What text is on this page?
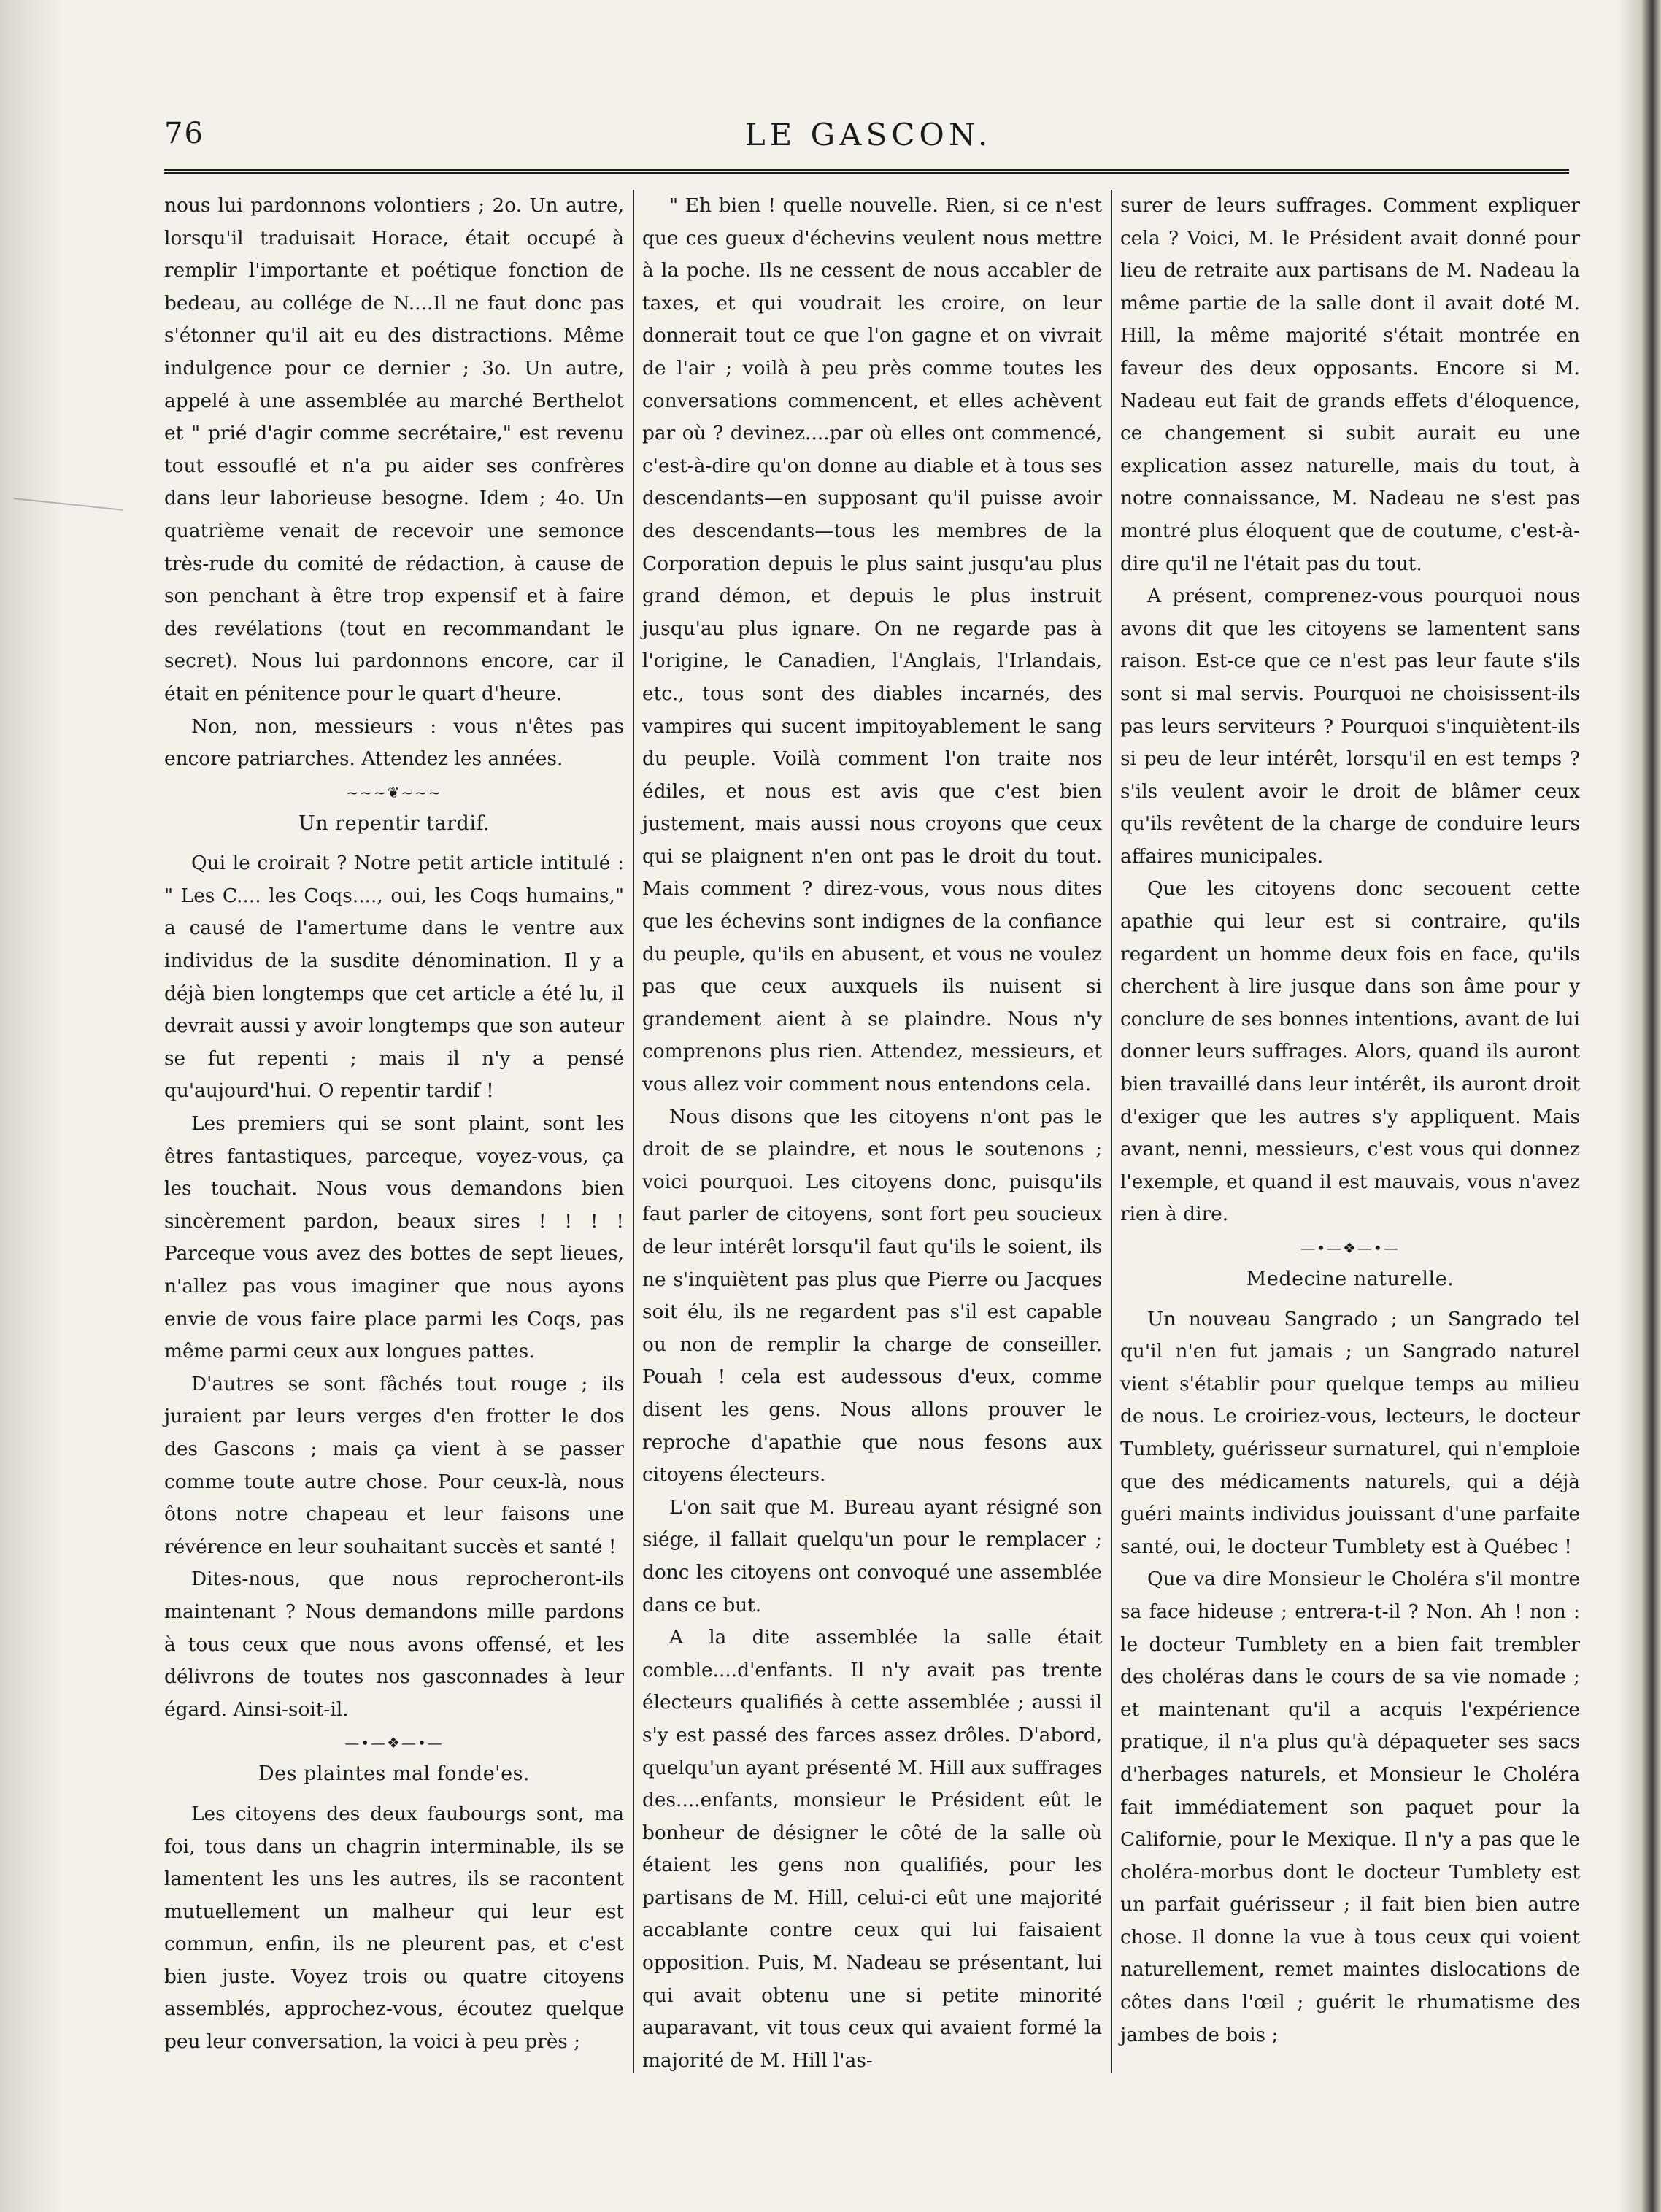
76	LE GASCON.

nous lui pardonnons volontiers ; 2o. Un autre, lorsqu'il traduisait Horace, était occupé à remplir l'importante et poétique fonction de bedeau, au collége de N....Il ne faut donc pas s'étonner qu'il ait eu des distractions. Même indulgence pour ce dernier ; 3o. Un autre, appelé à une assemblée au marché Berthelot et " prié d'agir comme secrétaire," est revenu tout essouflé et n'a pu aider ses confrères dans leur laborieuse besogne. Idem ; 4o. Un quatrième venait de recevoir une semonce très-rude du comité de rédaction, à cause de son penchant à être trop expensif et à faire des revélations (tout en recommandant le secret). Nous lui pardonnons encore, car il était en pénitence pour le quart d'heure.

Non, non, messieurs : vous n'êtes pas encore patriarches. Attendez les années.

~~~❦~~~
Un repentir tardif.

Qui le croirait ? Notre petit article intitulé : " Les C.... les Coqs...., oui, les Coqs humains," a causé de l'amertume dans le ventre aux individus de la susdite dénomination. Il y a déjà bien longtemps que cet article a été lu, il devrait aussi y avoir longtemps que son auteur se fut repenti ; mais il n'y a pensé qu'aujourd'hui. O repentir tardif !

Les premiers qui se sont plaint, sont les êtres fantastiques, parceque, voyez-vous, ça les touchait. Nous vous demandons bien sincèrement pardon, beaux sires ! ! ! ! Parceque vous avez des bottes de sept lieues, n'allez pas vous imaginer que nous ayons envie de vous faire place parmi les Coqs, pas même parmi ceux aux longues pattes.

D'autres se sont fâchés tout rouge ; ils juraient par leurs verges d'en frotter le dos des Gascons ; mais ça vient à se passer comme toute autre chose. Pour ceux-là, nous ôtons notre chapeau et leur faisons une révérence en leur souhaitant succès et santé !

Dites-nous, que nous reprocheront-ils maintenant ? Nous demandons mille pardons à tous ceux que nous avons offensé, et les délivrons de toutes nos gasconnades à leur égard. Ainsi-soit-il.

—•—❖—•—
Des plaintes mal fonde'es.

Les citoyens des deux faubourgs sont, ma foi, tous dans un chagrin interminable, ils se lamentent les uns les autres, ils se racontent mutuellement un malheur qui leur est commun, enfin, ils ne pleurent pas, et c'est bien juste. Voyez trois ou quatre citoyens assemblés, approchez-vous, écoutez quelque peu leur conversation, la voici à peu près ;

" Eh bien ! quelle nouvelle. Rien, si ce n'est que ces gueux d'échevins veulent nous mettre à la poche. Ils ne cessent de nous accabler de taxes, et qui voudrait les croire, on leur donnerait tout ce que l'on gagne et on vivrait de l'air ; voilà à peu près comme toutes les conversations commencent, et elles achèvent par où ? devinez....par où elles ont commencé, c'est-à-dire qu'on donne au diable et à tous ses descendants—en supposant qu'il puisse avoir des descendants—tous les membres de la Corporation depuis le plus saint jusqu'au plus grand démon, et depuis le plus instruit jusqu'au plus ignare. On ne regarde pas à l'origine, le Canadien, l'Anglais, l'Irlandais, etc., tous sont des diables incarnés, des vampires qui sucent impitoyablement le sang du peuple. Voilà comment l'on traite nos édiles, et nous est avis que c'est bien justement, mais aussi nous croyons que ceux qui se plaignent n'en ont pas le droit du tout. Mais comment ? direz-vous, vous nous dites que les échevins sont indignes de la confiance du peuple, qu'ils en abusent, et vous ne voulez pas que ceux auxquels ils nuisent si grandement aient à se plaindre. Nous n'y comprenons plus rien. Attendez, messieurs, et vous allez voir comment nous entendons cela.

Nous disons que les citoyens n'ont pas le droit de se plaindre, et nous le soutenons ; voici pourquoi. Les citoyens donc, puisqu'ils faut parler de citoyens, sont fort peu soucieux de leur intérêt lorsqu'il faut qu'ils le soient, ils ne s'inquiètent pas plus que Pierre ou Jacques soit élu, ils ne regardent pas s'il est capable ou non de remplir la charge de conseiller. Pouah ! cela est audessous d'eux, comme disent les gens. Nous allons prouver le reproche d'apathie que nous fesons aux citoyens électeurs.

L'on sait que M. Bureau ayant résigné son siége, il fallait quelqu'un pour le remplacer ; donc les citoyens ont convoqué une assemblée dans ce but.

A la dite assemblée la salle était comble....d'enfants. Il n'y avait pas trente électeurs qualifiés à cette assemblée ; aussi il s'y est passé des farces assez drôles. D'abord, quelqu'un ayant présenté M. Hill aux suffrages des....enfants, monsieur le Président eût le bonheur de désigner le côté de la salle où étaient les gens non qualifiés, pour les partisans de M. Hill, celui-ci eût une majorité accablante contre ceux qui lui faisaient opposition. Puis, M. Nadeau se présentant, lui qui avait obtenu une si petite minorité auparavant, vit tous ceux qui avaient formé la majorité de M. Hill l'as-

surer de leurs suffrages. Comment expliquer cela ? Voici, M. le Président avait donné pour lieu de retraite aux partisans de M. Nadeau la même partie de la salle dont il avait doté M. Hill, la même majorité s'était montrée en faveur des deux opposants. Encore si M. Nadeau eut fait de grands effets d'éloquence, ce changement si subit aurait eu une explication assez naturelle, mais du tout, à notre connaissance, M. Nadeau ne s'est pas montré plus éloquent que de coutume, c'est-à-dire qu'il ne l'était pas du tout.

A présent, comprenez-vous pourquoi nous avons dit que les citoyens se lamentent sans raison. Est-ce que ce n'est pas leur faute s'ils sont si mal servis. Pourquoi ne choisissent-ils pas leurs serviteurs ? Pourquoi s'inquiètent-ils si peu de leur intérêt, lorsqu'il en est temps ? s'ils veulent avoir le droit de blâmer ceux qu'ils revêtent de la charge de conduire leurs affaires municipales.

Que les citoyens donc secouent cette apathie qui leur est si contraire, qu'ils regardent un homme deux fois en face, qu'ils cherchent à lire jusque dans son âme pour y conclure de ses bonnes intentions, avant de lui donner leurs suffrages. Alors, quand ils auront bien travaillé dans leur intérêt, ils auront droit d'exiger que les autres s'y appliquent. Mais avant, nenni, messieurs, c'est vous qui donnez l'exemple, et quand il est mauvais, vous n'avez rien à dire.

—•—❖—•—
Medecine naturelle.

Un nouveau Sangrado ; un Sangrado tel qu'il n'en fut jamais ; un Sangrado naturel vient s'établir pour quelque temps au milieu de nous. Le croiriez-vous, lecteurs, le docteur Tumblety, guérisseur surnaturel, qui n'emploie que des médicaments naturels, qui a déjà guéri maints individus jouissant d'une parfaite santé, oui, le docteur Tumblety est à Québec !

Que va dire Monsieur le Choléra s'il montre sa face hideuse ; entrera-t-il ? Non. Ah ! non : le docteur Tumblety en a bien fait trembler des choléras dans le cours de sa vie nomade ; et maintenant qu'il a acquis l'expérience pratique, il n'a plus qu'à dépaqueter ses sacs d'herbages naturels, et Monsieur le Choléra fait immédiatement son paquet pour la Californie, pour le Mexique. Il n'y a pas que le choléra-morbus dont le docteur Tumblety est un parfait guérisseur ; il fait bien bien autre chose. Il donne la vue à tous ceux qui voient naturellement, remet maintes dislocations de côtes dans l'œil ; guérit le rhumatisme des jambes de bois ;
